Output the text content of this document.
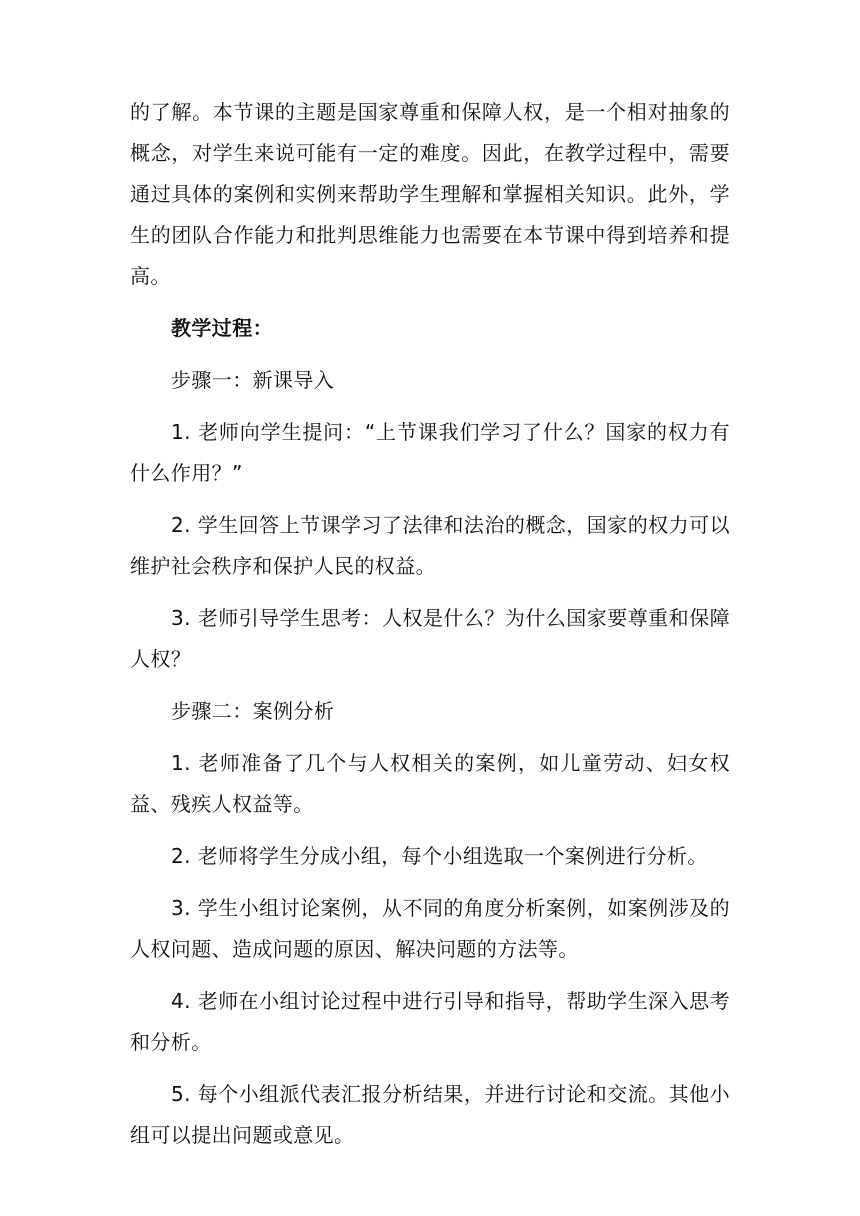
的了解。本节课的主题是国家尊重和保障人权，是一个相对抽象的概念，对学生来说可能有一定的难度。因此，在教学过程中，需要通过具体的案例和实例来帮助学生理解和掌握相关知识。此外，学生的团队合作能力和批判思维能力也需要在本节课中得到培养和提高。

教学过程：

步骤一：新课导入

1. 老师向学生提问：“上节课我们学习了什么？国家的权力有什么作用？”

2. 学生回答上节课学习了法律和法治的概念，国家的权力可以维护社会秩序和保护人民的权益。

3. 老师引导学生思考：人权是什么？为什么国家要尊重和保障人权？

步骤二：案例分析

1. 老师准备了几个与人权相关的案例，如儿童劳动、妇女权益、残疾人权益等。

2. 老师将学生分成小组，每个小组选取一个案例进行分析。

3. 学生小组讨论案例，从不同的角度分析案例，如案例涉及的人权问题、造成问题的原因、解决问题的方法等。

4. 老师在小组讨论过程中进行引导和指导，帮助学生深入思考和分析。

5. 每个小组派代表汇报分析结果，并进行讨论和交流。其他小组可以提出问题或意见。
